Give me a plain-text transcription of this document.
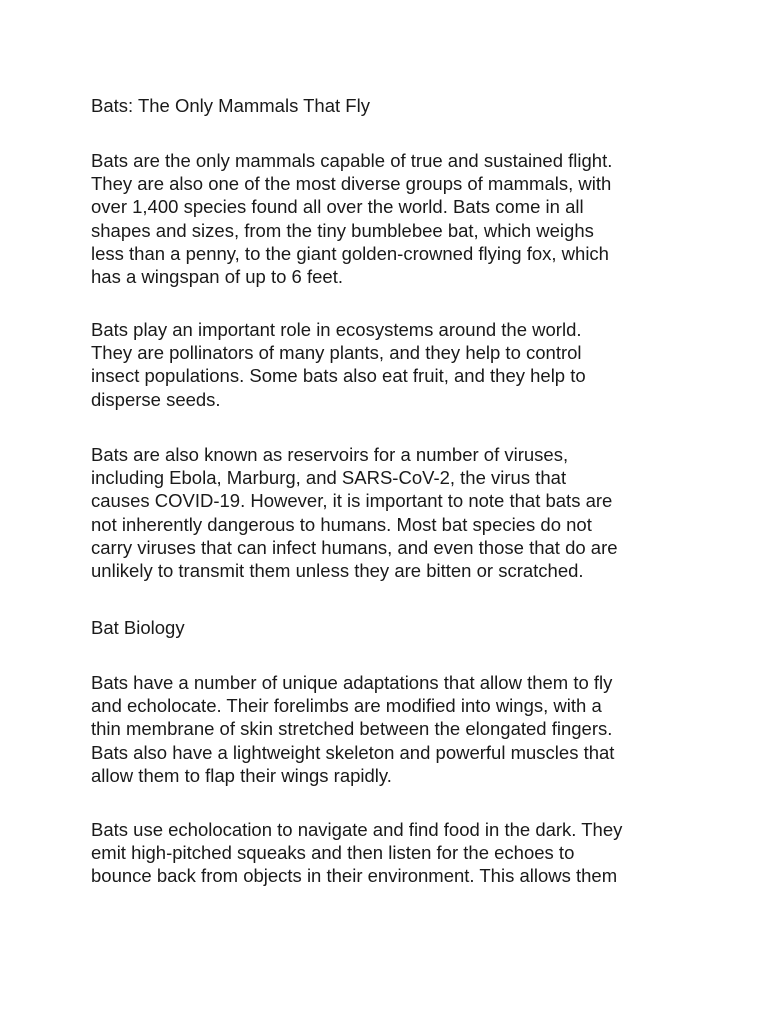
Bats: The Only Mammals That Fly
Bats are the only mammals capable of true and sustained flight.
They are also one of the most diverse groups of mammals, with
over 1,400 species found all over the world. Bats come in all
shapes and sizes, from the tiny bumblebee bat, which weighs
less than a penny, to the giant golden-crowned flying fox, which
has a wingspan of up to 6 feet.
Bats play an important role in ecosystems around the world.
They are pollinators of many plants, and they help to control
insect populations. Some bats also eat fruit, and they help to
disperse seeds.
Bats are also known as reservoirs for a number of viruses,
including Ebola, Marburg, and SARS-CoV-2, the virus that
causes COVID-19. However, it is important to note that bats are
not inherently dangerous to humans. Most bat species do not
carry viruses that can infect humans, and even those that do are
unlikely to transmit them unless they are bitten or scratched.
Bat Biology
Bats have a number of unique adaptations that allow them to fly
and echolocate. Their forelimbs are modified into wings, with a
thin membrane of skin stretched between the elongated fingers.
Bats also have a lightweight skeleton and powerful muscles that
allow them to flap their wings rapidly.
Bats use echolocation to navigate and find food in the dark. They
emit high-pitched squeaks and then listen for the echoes to
bounce back from objects in their environment. This allows them
